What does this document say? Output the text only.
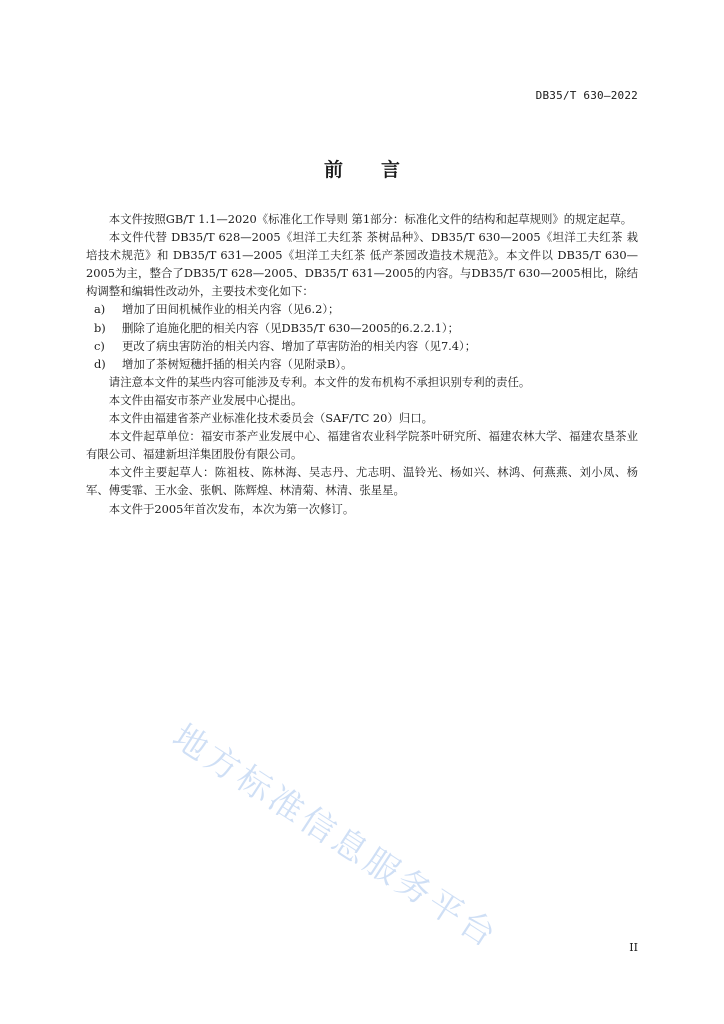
DB35/T 630—2022
前言

本文件按照GB/T 1.1—2020《标准化工作导则 第1部分：标准化文件的结构和起草规则》的规定起草。

本文件代替 DB35/T 628—2005《坦洋工夫红茶 茶树品种》、DB35/T 630—2005《坦洋工夫红茶 栽培技术规范》和 DB35/T 631—2005《坦洋工夫红茶 低产茶园改造技术规范》。本文件以 DB35/T 630—2005为主，整合了DB35/T 628—2005、DB35/T 631—2005的内容。与DB35/T 630—2005相比，除结构调整和编辑性改动外，主要技术变化如下：

a)	增加了田间机械作业的相关内容（见6.2）；
b)	删除了追施化肥的相关内容（见DB35/T 630—2005的6.2.2.1）；
c)	更改了病虫害防治的相关内容、增加了草害防治的相关内容（见7.4）；
d)	增加了茶树短穗扦插的相关内容（见附录B）。

请注意本文件的某些内容可能涉及专利。本文件的发布机构不承担识别专利的责任。

本文件由福安市茶产业发展中心提出。

本文件由福建省茶产业标准化技术委员会（SAF/TC 20）归口。

本文件起草单位：福安市茶产业发展中心、福建省农业科学院茶叶研究所、福建农林大学、福建农垦茶业有限公司、福建新坦洋集团股份有限公司。

本文件主要起草人：陈祖枝、陈林海、吴志丹、尤志明、温铃光、杨如兴、林鸿、何燕燕、刘小凤、杨军、傅雯霏、王水金、张帆、陈辉煌、林清菊、林清、张星星。

本文件于2005年首次发布，本次为第一次修订。

地方标准信息服务平台	II
